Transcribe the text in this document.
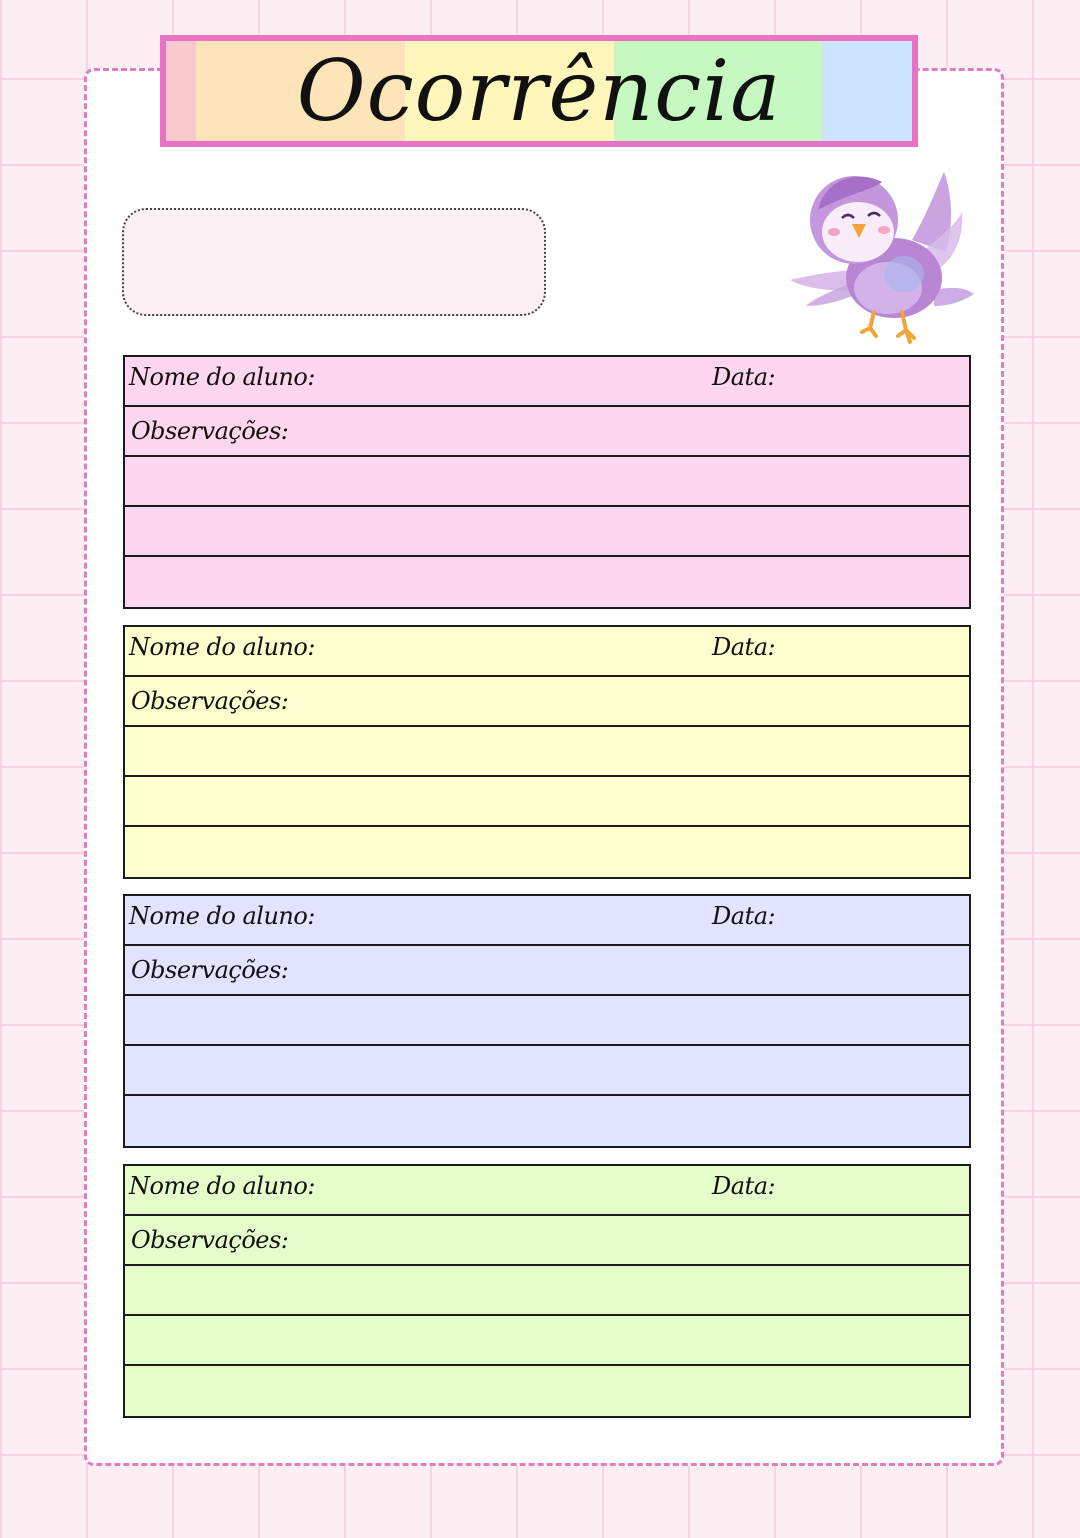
Ocorrência
Nome do aluno:	Data:
Observações:
Nome do aluno:	Data:
Observações:
Nome do aluno:	Data:
Observações:
Nome do aluno:	Data:
Observações:
